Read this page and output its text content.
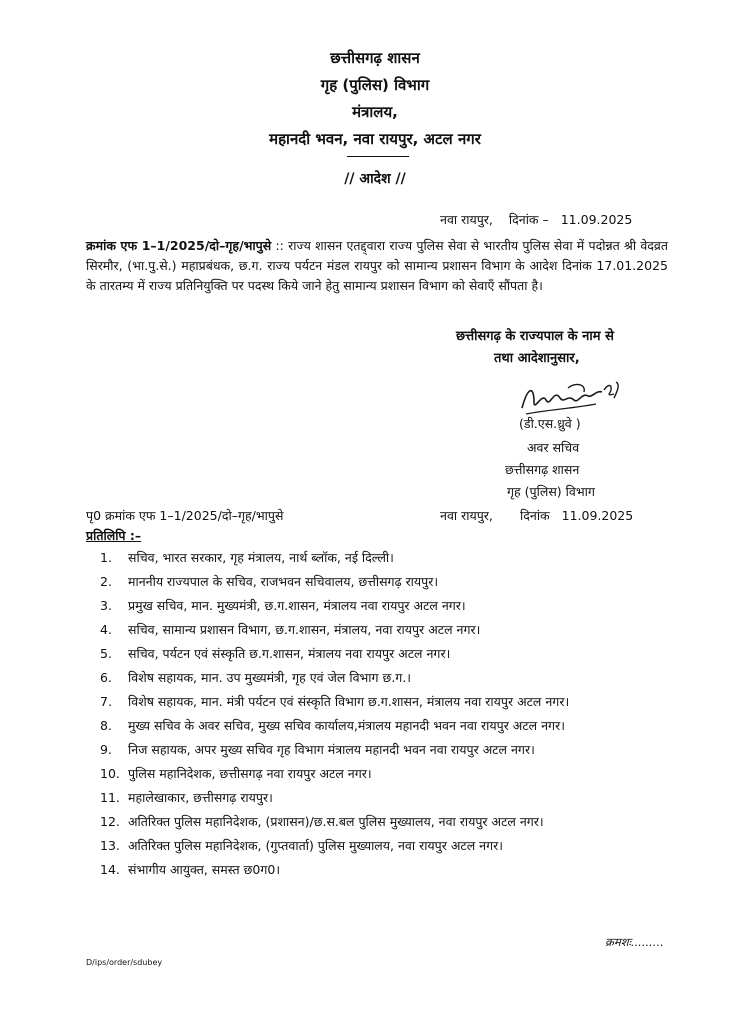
छत्तीसगढ़ शासन
गृह (पुलिस) विभाग
मंत्रालय,
महानदी भवन, नवा रायपुर, अटल नगर
// आदेश //
नवा रायपुर, दिनांक – 11.09.2025
क्रमांक एफ 1–1/2025/दो–गृह/भापुसे :: राज्य शासन एतद्द्वारा राज्य पुलिस सेवा से भारतीय पुलिस सेवा में पदोन्नत श्री वेदव्रत सिरमौर, (भा.पु.से.) महाप्रबंधक, छ.ग. राज्य पर्यटन मंडल रायपुर को सामान्य प्रशासन विभाग के आदेश दिनांक 17.01.2025 के तारतम्य में राज्य प्रतिनियुक्ति पर पदस्थ किये जाने हेतु सामान्य प्रशासन विभाग को सेवाएँ सौंपता है।
छत्तीसगढ़ के राज्यपाल के नाम से
तथा आदेशानुसार,
(डी.एस.ध्रुवे )
अवर सचिव
छत्तीसगढ़ शासन
गृह (पुलिस) विभाग
पृ0 क्रमांक एफ 1–1/2025/दो–गृह/भापुसे	नवा रायपुर, दिनांक 11.09.2025
प्रतिलिपि :–
1. सचिव, भारत सरकार, गृह मंत्रालय, नार्थ ब्लॉक, नई दिल्ली।
2. माननीय राज्यपाल के सचिव, राजभवन सचिवालय, छत्तीसगढ़ रायपुर।
3. प्रमुख सचिव, मान. मुख्यमंत्री, छ.ग.शासन, मंत्रालय नवा रायपुर अटल नगर।
4. सचिव, सामान्य प्रशासन विभाग, छ.ग.शासन, मंत्रालय, नवा रायपुर अटल नगर।
5. सचिव, पर्यटन एवं संस्कृति छ.ग.शासन, मंत्रालय नवा रायपुर अटल नगर।
6. विशेष सहायक, मान. उप मुख्यमंत्री, गृह एवं जेल विभाग छ.ग.।
7. विशेष सहायक, मान. मंत्री पर्यटन एवं संस्कृति विभाग छ.ग.शासन, मंत्रालय नवा रायपुर अटल नगर।
8. मुख्य सचिव के अवर सचिव, मुख्य सचिव कार्यालय,मंत्रालय महानदी भवन नवा रायपुर अटल नगर।
9. निज सहायक, अपर मुख्य सचिव गृह विभाग मंत्रालय महानदी भवन नवा रायपुर अटल नगर।
10. पुलिस महानिदेशक, छत्तीसगढ़ नवा रायपुर अटल नगर।
11. महालेखाकार, छत्तीसगढ़ रायपुर।
12. अतिरिक्त पुलिस महानिदेशक, (प्रशासन)/छ.स.बल पुलिस मुख्यालय, नवा रायपुर अटल नगर।
13. अतिरिक्त पुलिस महानिदेशक, (गुप्तवार्ता) पुलिस मुख्यालय, नवा रायपुर अटल नगर।
14. संभागीय आयुक्त, समस्त छ0ग0।
क्रमशः.........
D/ips/order/sdubey
